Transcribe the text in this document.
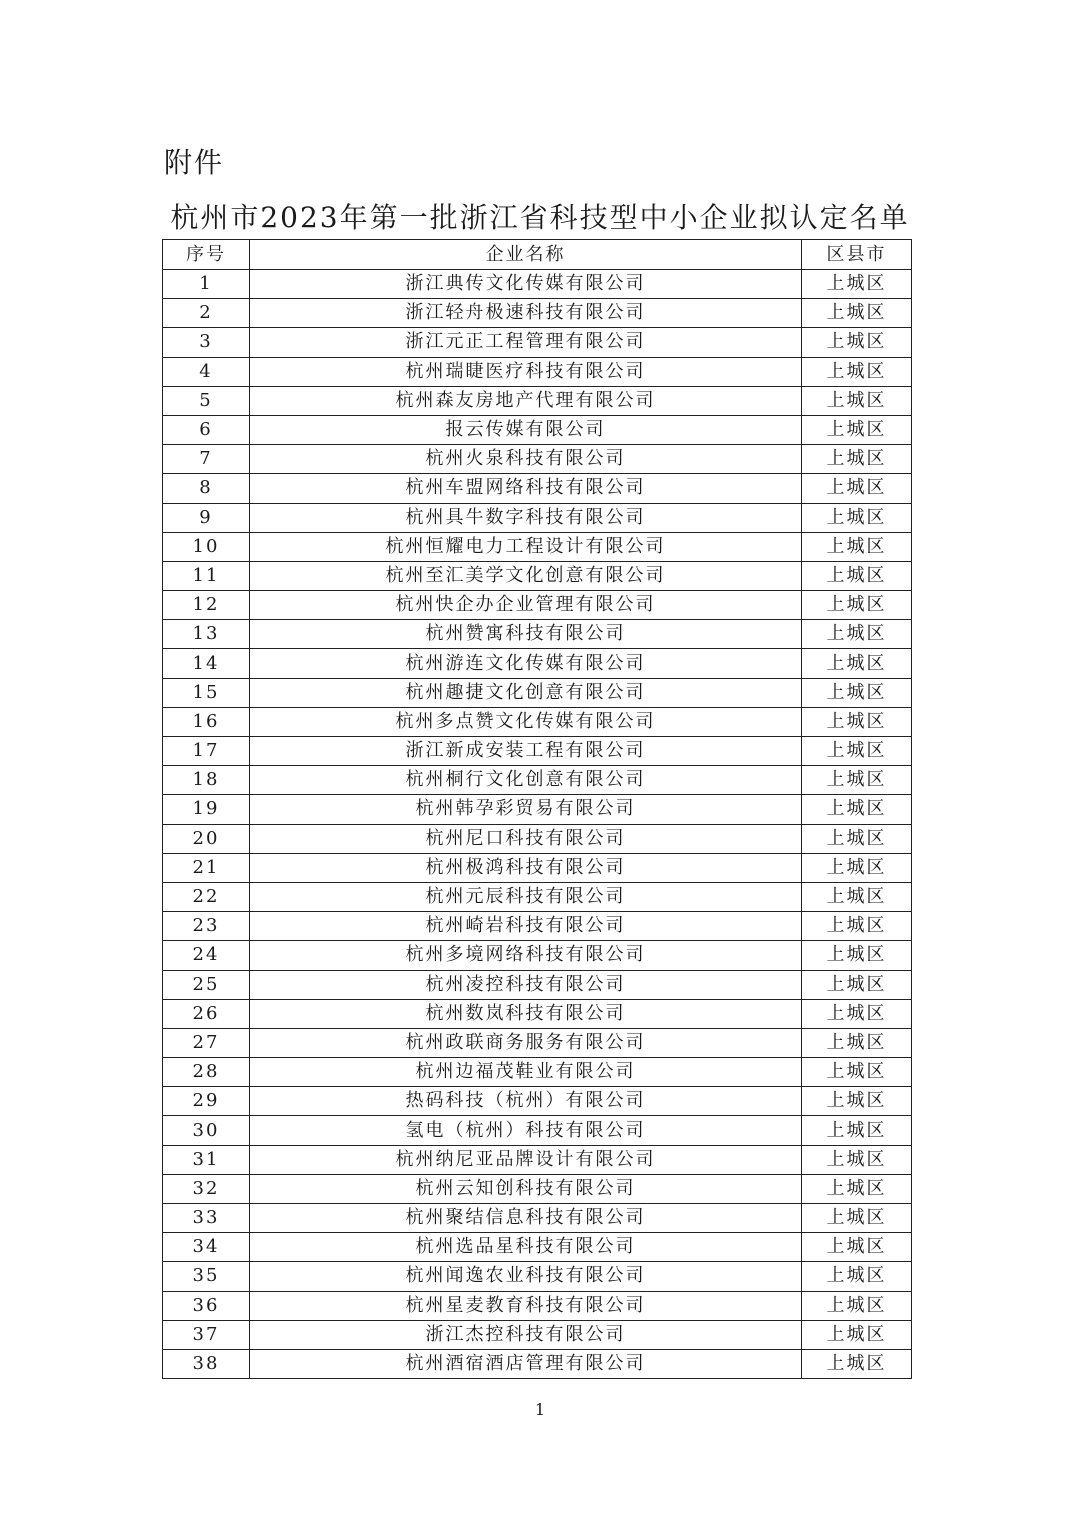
附件
杭州市2023年第一批浙江省科技型中小企业拟认定名单
序号	企业名称	区县市
1	浙江典传文化传媒有限公司	上城区
2	浙江轻舟极速科技有限公司	上城区
3	浙江元正工程管理有限公司	上城区
4	杭州瑞睫医疗科技有限公司	上城区
5	杭州森友房地产代理有限公司	上城区
6	报云传媒有限公司	上城区
7	杭州火泉科技有限公司	上城区
8	杭州车盟网络科技有限公司	上城区
9	杭州具牛数字科技有限公司	上城区
10	杭州恒耀电力工程设计有限公司	上城区
11	杭州至汇美学文化创意有限公司	上城区
12	杭州快企办企业管理有限公司	上城区
13	杭州赞寓科技有限公司	上城区
14	杭州游连文化传媒有限公司	上城区
15	杭州趣捷文化创意有限公司	上城区
16	杭州多点赞文化传媒有限公司	上城区
17	浙江新成安装工程有限公司	上城区
18	杭州桐行文化创意有限公司	上城区
19	杭州韩孕彩贸易有限公司	上城区
20	杭州尼口科技有限公司	上城区
21	杭州极鸿科技有限公司	上城区
22	杭州元辰科技有限公司	上城区
23	杭州崎岩科技有限公司	上城区
24	杭州多境网络科技有限公司	上城区
25	杭州凌控科技有限公司	上城区
26	杭州数岚科技有限公司	上城区
27	杭州政联商务服务有限公司	上城区
28	杭州边福茂鞋业有限公司	上城区
29	热码科技（杭州）有限公司	上城区
30	氢电（杭州）科技有限公司	上城区
31	杭州纳尼亚品牌设计有限公司	上城区
32	杭州云知创科技有限公司	上城区
33	杭州聚结信息科技有限公司	上城区
34	杭州选品星科技有限公司	上城区
35	杭州闻逸农业科技有限公司	上城区
36	杭州星麦教育科技有限公司	上城区
37	浙江杰控科技有限公司	上城区
38	杭州酒宿酒店管理有限公司	上城区
1
